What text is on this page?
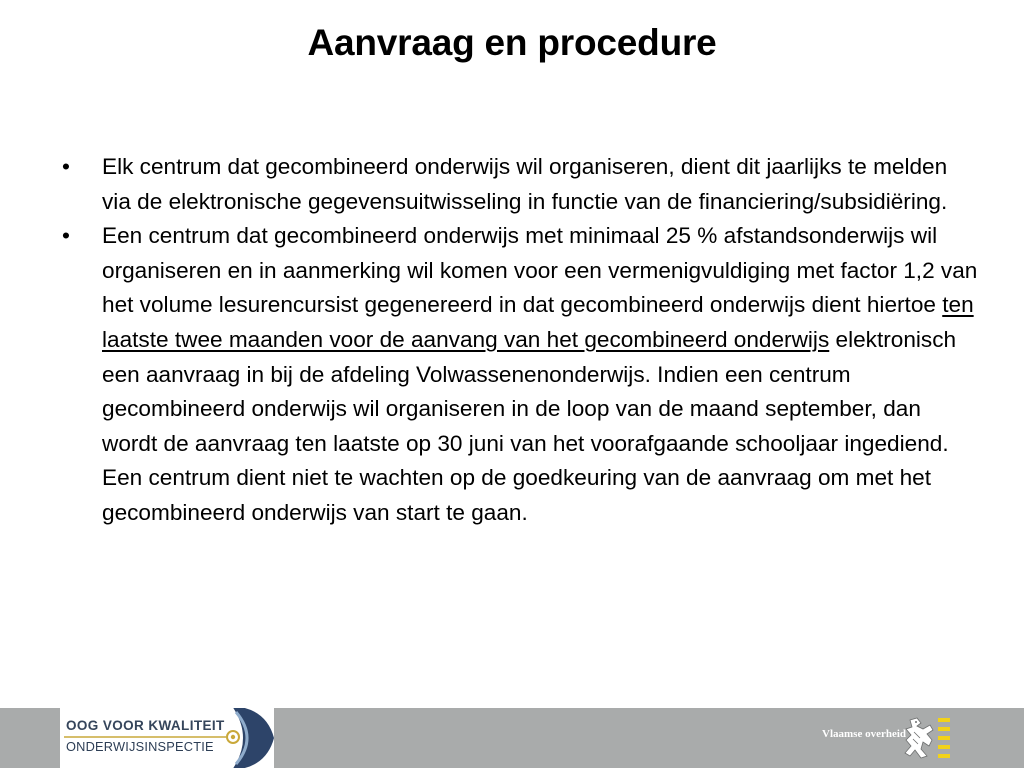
Aanvraag en procedure
• Elk centrum dat gecombineerd onderwijs wil organiseren, dient dit jaarlijks te melden via de elektronische gegevensuitwisseling in functie van de financiering/subsidiëring.
• Een centrum dat gecombineerd onderwijs met minimaal 25 % afstandsonderwijs wil organiseren en in aanmerking wil komen voor een vermenigvuldiging met factor 1,2 van het volume lesurencursist gegenereerd in dat gecombineerd onderwijs dient hiertoe ten laatste twee maanden voor de aanvang van het gecombineerd onderwijs elektronisch een aanvraag in bij de afdeling Volwassenenonderwijs. Indien een centrum gecombineerd onderwijs wil organiseren in de loop van de maand september, dan wordt de aanvraag ten laatste op 30 juni van het voorafgaande schooljaar ingediend. Een centrum dient niet te wachten op de goedkeuring van de aanvraag om met het gecombineerd onderwijs van start te gaan.
OOG VOOR KWALITEIT
ONDERWIJSINSPECTIE
Vlaamse overheid
